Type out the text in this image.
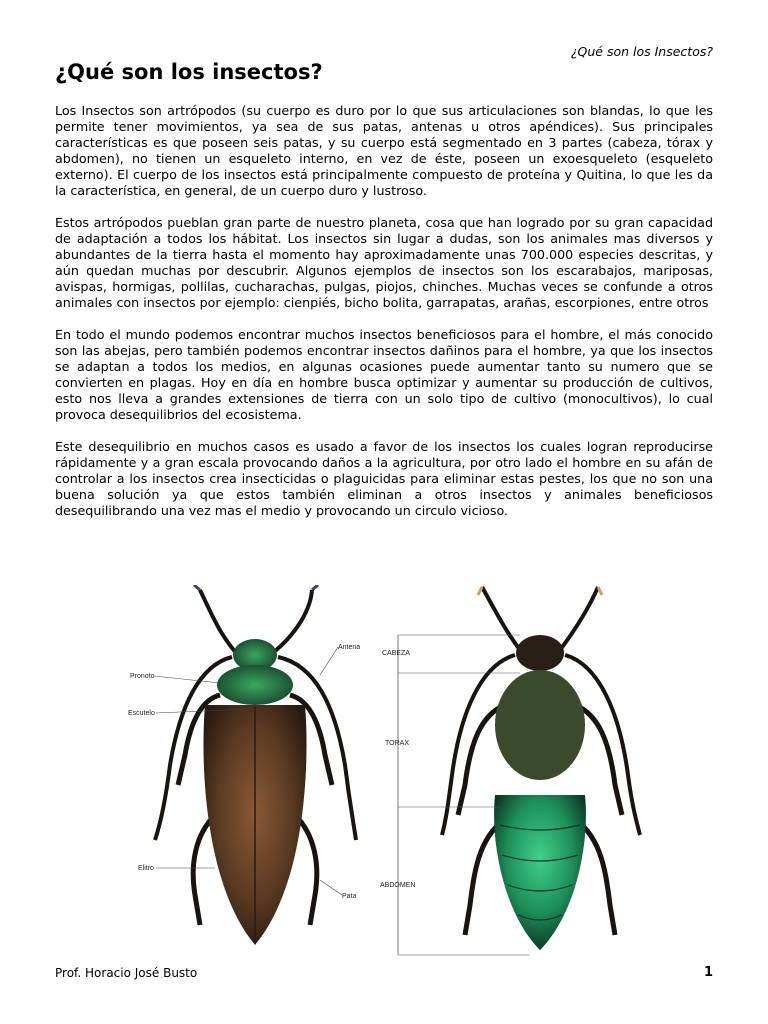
¿Qué son los Insectos?
¿Qué son los insectos?

Los Insectos son artrópodos (su cuerpo es duro por lo que sus articulaciones son blandas, lo que les permite tener movimientos, ya sea de sus patas, antenas u otros apéndices). Sus principales características es que poseen seis patas, y su cuerpo está segmentado en 3 partes (cabeza, tórax y abdomen), no tienen un esqueleto interno, en vez de éste, poseen un exoesqueleto (esqueleto externo). El cuerpo de los insectos está principalmente compuesto de proteína y Quitina, lo que les da la característica, en general, de un cuerpo duro y lustroso.

Estos artrópodos pueblan gran parte de nuestro planeta, cosa que han logrado por su gran capacidad de adaptación a todos los hábitat. Los insectos sin lugar a dudas, son los animales mas diversos y abundantes de la tierra hasta el momento hay aproximadamente unas 700.000 especies descritas, y aún quedan muchas por descubrir. Algunos ejemplos de insectos son los escarabajos, mariposas, avispas, hormigas, pollilas, cucharachas, pulgas, piojos, chinches. Muchas veces se confunde a otros animales con insectos por ejemplo: cienpiés, bicho bolita, garrapatas, arañas, escorpiones, entre otros

En todo el mundo podemos encontrar muchos insectos beneficiosos para el hombre, el más conocido son las abejas, pero también podemos encontrar insectos dañinos para el hombre, ya que los insectos se adaptan a todos los medios, en algunas ocasiones puede aumentar tanto su numero que se convierten en plagas. Hoy en día en hombre busca optimizar y aumentar su producción de cultivos, esto nos lleva a grandes extensiones de tierra con un solo tipo de cultivo (monocultivos), lo cual provoca desequilibrios del ecosistema.

Este desequilibrio en muchos casos es usado a favor de los insectos los cuales logran reproducirse rápidamente y a gran escala provocando daños a la agricultura, por otro lado el hombre en su afán de controlar a los insectos crea insecticidas o plaguicidas para eliminar estas pestes, los que no son una buena solución ya que estos también eliminan a otros insectos y animales beneficiosos desequilibrando una vez mas el medio y provocando un circulo vicioso.

Pronoto
Escutelo
Elitro
Antena
Pata
CABEZA
TORAX
ABDOMEN
Prof. Horacio José Busto	1
